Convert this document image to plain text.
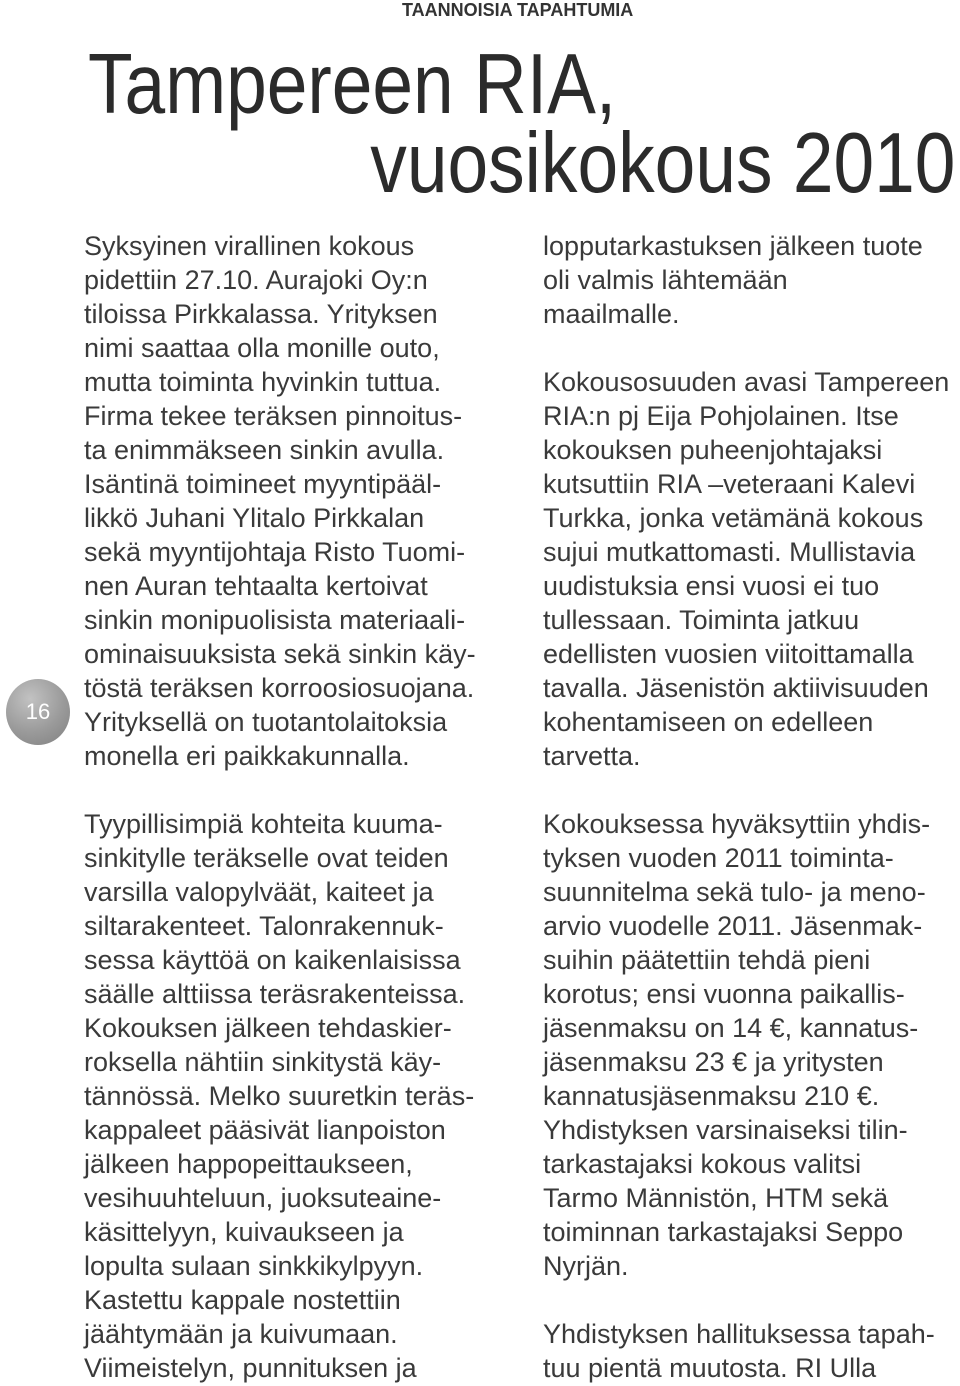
TAANNOISIA TAPAHTUMIA
Tampereen RIA,
vuosikokous 2010
16
Syksyinen virallinen kokous
pidettiin 27.10. Aurajoki Oy:n
tiloissa Pirkkalassa. Yrityksen
nimi saattaa olla monille outo,
mutta toiminta hyvinkin tuttua.
Firma tekee teräksen pinnoitus-
ta enimmäkseen sinkin avulla.
Isäntinä toimineet myyntipääl-
likkö Juhani Ylitalo Pirkkalan
sekä myyntijohtaja Risto Tuomi-
nen Auran tehtaalta kertoivat
sinkin monipuolisista materiaali-
ominaisuuksista sekä sinkin käy-
töstä teräksen korroosiosuojana.
Yrityksellä on tuotantolaitoksia
monella eri paikkakunnalla.
Tyypillisimpiä kohteita kuuma-
sinkitylle teräkselle ovat teiden
varsilla valopylväät, kaiteet ja
siltarakenteet. Talonrakennuk-
sessa käyttöä on kaikenlaisissa
säälle alttiissa teräsrakenteissa.
Kokouksen jälkeen tehdaskier-
roksella nähtiin sinkitystä käy-
tännössä. Melko suuretkin teräs-
kappaleet pääsivät lianpoiston
jälkeen happopeittaukseen,
vesihuuhteluun, juoksuteaine-
käsittelyyn, kuivaukseen ja
lopulta sulaan sinkkikylpyyn.
Kastettu kappale nostettiin
jäähtymään ja kuivumaan.
Viimeistelyn, punnituksen ja
lopputarkastuksen jälkeen tuote
oli valmis lähtemään
maailmalle.
Kokousosuuden avasi Tampereen
RIA:n pj Eija Pohjolainen. Itse
kokouksen puheenjohtajaksi
kutsuttiin RIA –veteraani Kalevi
Turkka, jonka vetämänä kokous
sujui mutkattomasti. Mullistavia
uudistuksia ensi vuosi ei tuo
tullessaan. Toiminta jatkuu
edellisten vuosien viitoittamalla
tavalla. Jäsenistön aktiivisuuden
kohentamiseen on edelleen
tarvetta.
Kokouksessa hyväksyttiin yhdis-
tyksen vuoden 2011 toiminta-
suunnitelma sekä tulo- ja meno-
arvio vuodelle 2011. Jäsenmak-
suihin päätettiin tehdä pieni
korotus; ensi vuonna paikallis-
jäsenmaksu on 14 €, kannatus-
jäsenmaksu 23 € ja yritysten
kannatusjäsenmaksu 210 €.
Yhdistyksen varsinaiseksi tilin-
tarkastajaksi kokous valitsi
Tarmo Männistön, HTM sekä
toiminnan tarkastajaksi Seppo
Nyrjän.
Yhdistyksen hallituksessa tapah-
tuu pientä muutosta. RI Ulla
